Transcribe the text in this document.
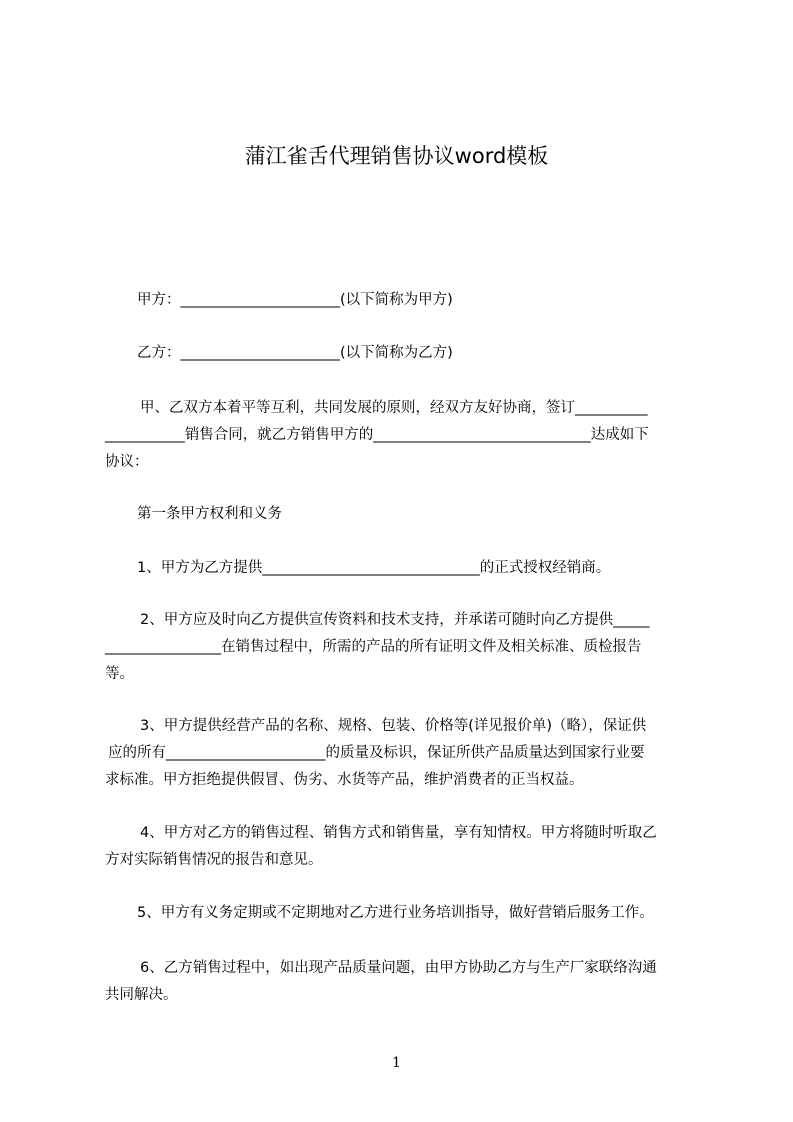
蒲江雀舌代理销售协议word模板
甲方：______________________(以下简称为甲方)
乙方：______________________(以下简称为乙方)
甲、乙双方本着平等互利，共同发展的原则，经双方友好协商，签订__________
___________销售合同，就乙方销售甲方的______________________________达成如下
协议：
第一条甲方权利和义务
1、甲方为乙方提供______________________________的正式授权经销商。
2、甲方应及时向乙方提供宣传资料和技术支持，并承诺可随时向乙方提供_____
________________在销售过程中，所需的产品的所有证明文件及相关标准、质检报告
等。
3、甲方提供经营产品的名称、规格、包装、价格等(详见报价单)（略），保证供
应的所有______________________的质量及标识，保证所供产品质量达到国家行业要
求标准。甲方拒绝提供假冒、伪劣、水货等产品，维护消费者的正当权益。
4、甲方对乙方的销售过程、销售方式和销售量，享有知情权。甲方将随时听取乙
方对实际销售情况的报告和意见。
5、甲方有义务定期或不定期地对乙方进行业务培训指导，做好营销后服务工作。
6、乙方销售过程中，如出现产品质量问题，由甲方协助乙方与生产厂家联络沟通
共同解决。
1
